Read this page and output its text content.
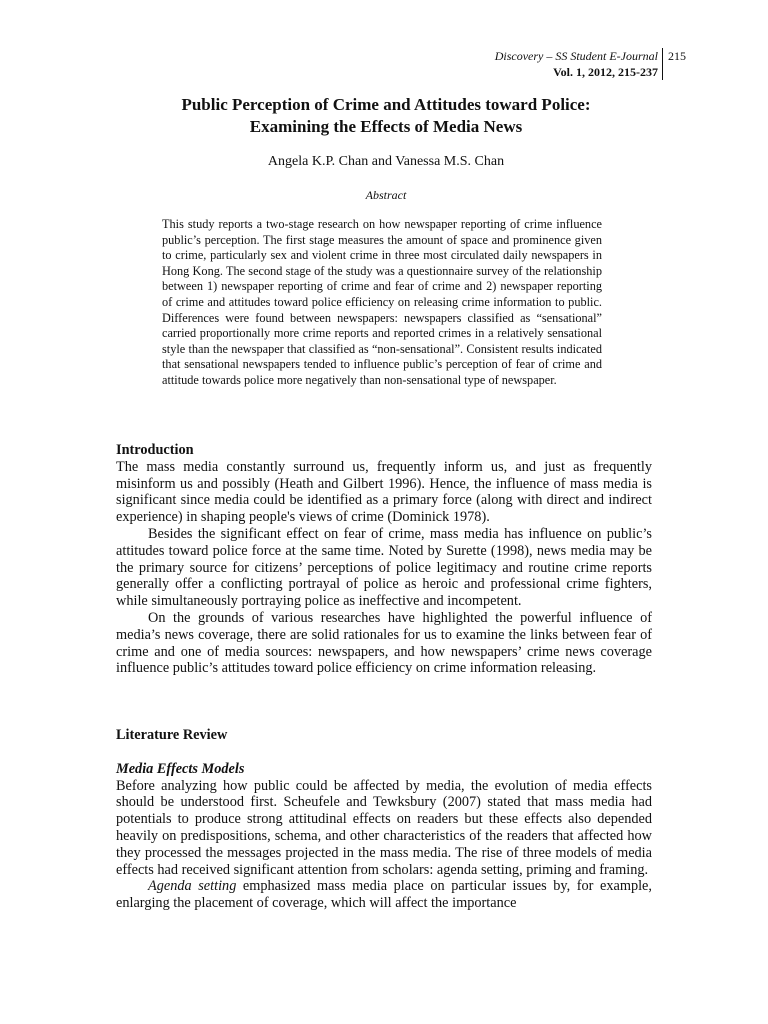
Discovery – SS Student E-Journal
Vol. 1, 2012, 215-237
215
Public Perception of Crime and Attitudes toward Police:
Examining the Effects of Media News
Angela K.P. Chan and Vanessa M.S. Chan
Abstract

This study reports a two-stage research on how newspaper reporting of crime influence public’s perception. The first stage measures the amount of space and prominence given to crime, particularly sex and violent crime in three most circulated daily newspapers in Hong Kong. The second stage of the study was a questionnaire survey of the relationship between 1) newspaper reporting of crime and fear of crime and 2) newspaper reporting of crime and attitudes toward police efficiency on releasing crime information to public. Differences were found between newspapers: newspapers classified as “sensational” carried proportionally more crime reports and reported crimes in a relatively sensational style than the newspaper that classified as “non-sensational”. Consistent results indicated that sensational newspapers tended to influence public’s perception of fear of crime and attitude towards police more negatively than non-sensational type of newspaper.

Introduction

The mass media constantly surround us, frequently inform us, and just as frequently misinform us and possibly (Heath and Gilbert 1996). Hence, the influence of mass media is significant since media could be identified as a primary force (along with direct and indirect experience) in shaping people's views of crime (Dominick 1978).

Besides the significant effect on fear of crime, mass media has influence on public’s attitudes toward police force at the same time. Noted by Surette (1998), news media may be the primary source for citizens’ perceptions of police legitimacy and routine crime reports generally offer a conflicting portrayal of police as heroic and professional crime fighters, while simultaneously portraying police as ineffective and incompetent.

On the grounds of various researches have highlighted the powerful influence of media’s news coverage, there are solid rationales for us to examine the links between fear of crime and one of media sources: newspapers, and how newspapers’ crime news coverage influence public’s attitudes toward police efficiency on crime information releasing.

Literature Review
Media Effects Models

Before analyzing how public could be affected by media, the evolution of media effects should be understood first. Scheufele and Tewksbury (2007) stated that mass media had potentials to produce strong attitudinal effects on readers but these effects also depended heavily on predispositions, schema, and other characteristics of the readers that affected how they processed the messages projected in the mass media. The rise of three models of media effects had received significant attention from scholars: agenda setting, priming and framing.

Agenda setting emphasized mass media place on particular issues by, for example, enlarging the placement of coverage, which will affect the importance
